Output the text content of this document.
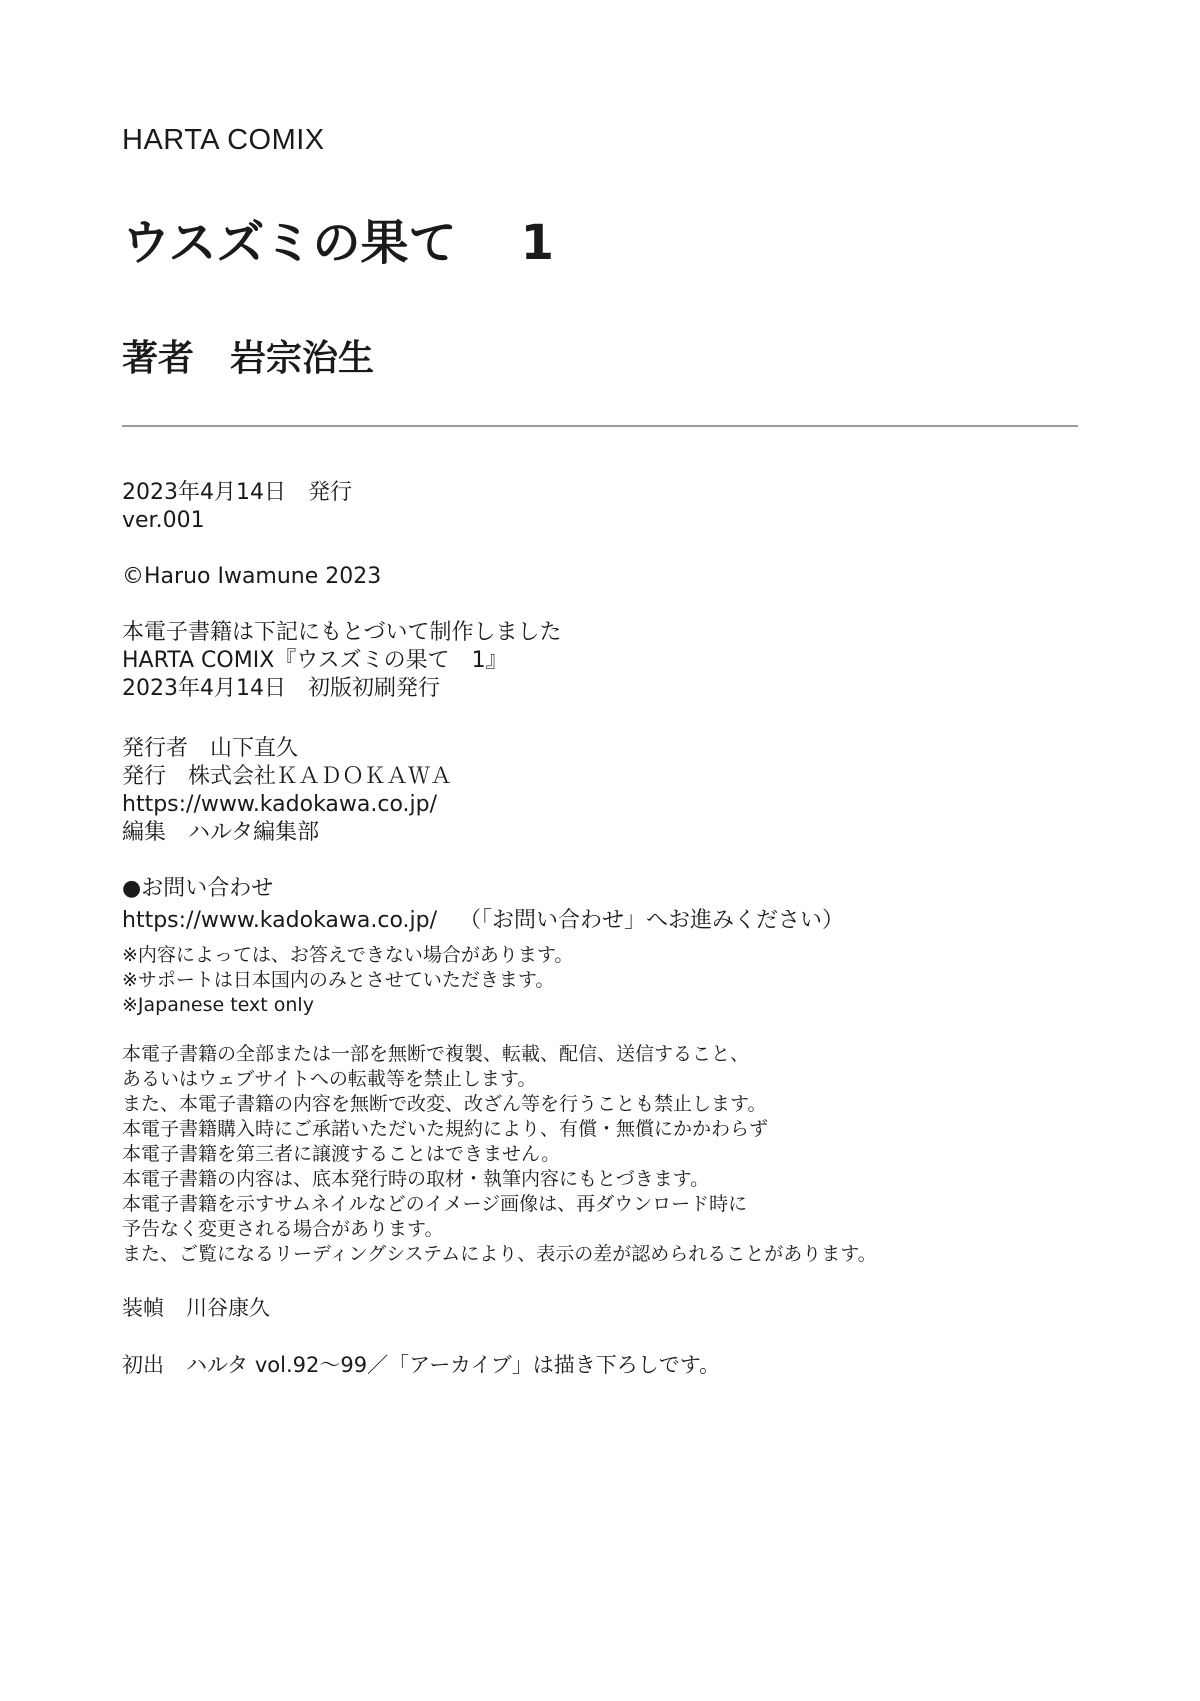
HARTA COMIX
ウスズミの果て 1
著者 岩宗治生
2023年4月14日 発行
ver.001
©Haruo Iwamune 2023
本電子書籍は下記にもとづいて制作しました
HARTA COMIX『ウスズミの果て 1』
2023年4月14日 初版初刷発行
発行者 山下直久
発行 株式会社ＫＡＤＯＫＡＷＡ
https://www.kadokawa.co.jp/
編集 ハルタ編集部
●お問い合わせ
https://www.kadokawa.co.jp/ （「お問い合わせ」へお進みください）
※内容によっては、お答えできない場合があります。
※サポートは日本国内のみとさせていただきます。
※Japanese text only
本電子書籍の全部または一部を無断で複製、転載、配信、送信すること、
あるいはウェブサイトへの転載等を禁止します。
また、本電子書籍の内容を無断で改変、改ざん等を行うことも禁止します。
本電子書籍購入時にご承諾いただいた規約により、有償・無償にかかわらず
本電子書籍を第三者に譲渡することはできません。
本電子書籍の内容は、底本発行時の取材・執筆内容にもとづきます。
本電子書籍を示すサムネイルなどのイメージ画像は、再ダウンロード時に
予告なく変更される場合があります。
また、ご覧になるリーディングシステムにより、表示の差が認められることがあります。
装幀 川谷康久
初出 ハルタ vol.92～99／「アーカイブ」は描き下ろしです。
